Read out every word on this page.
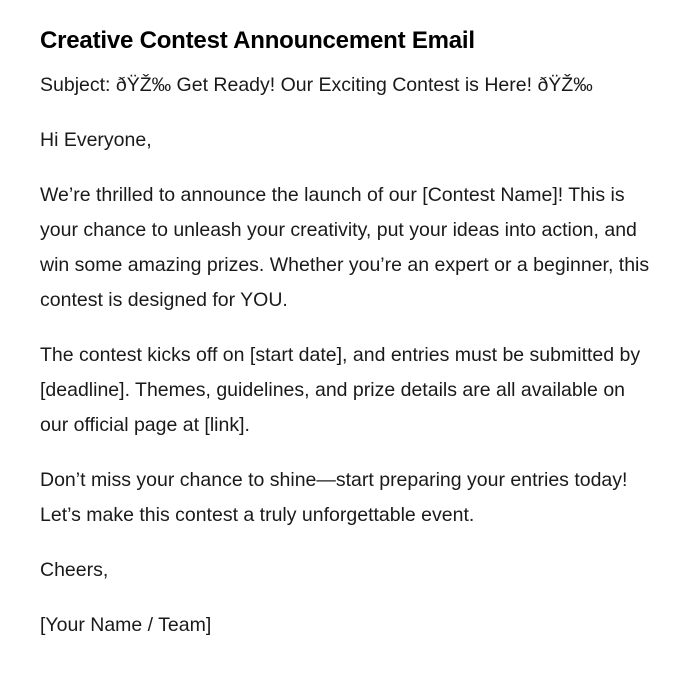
Creative Contest Announcement Email

Subject: ðŸŽ‰ Get Ready! Our Exciting Contest is Here! ðŸŽ‰

Hi Everyone,

We’re thrilled to announce the launch of our [Contest Name]! This is your chance to unleash your creativity, put your ideas into action, and win some amazing prizes. Whether you’re an expert or a beginner, this contest is designed for YOU.

The contest kicks off on [start date], and entries must be submitted by [deadline]. Themes, guidelines, and prize details are all available on our official page at [link].

Don’t miss your chance to shine—start preparing your entries today! Let’s make this contest a truly unforgettable event.

Cheers,

[Your Name / Team]
